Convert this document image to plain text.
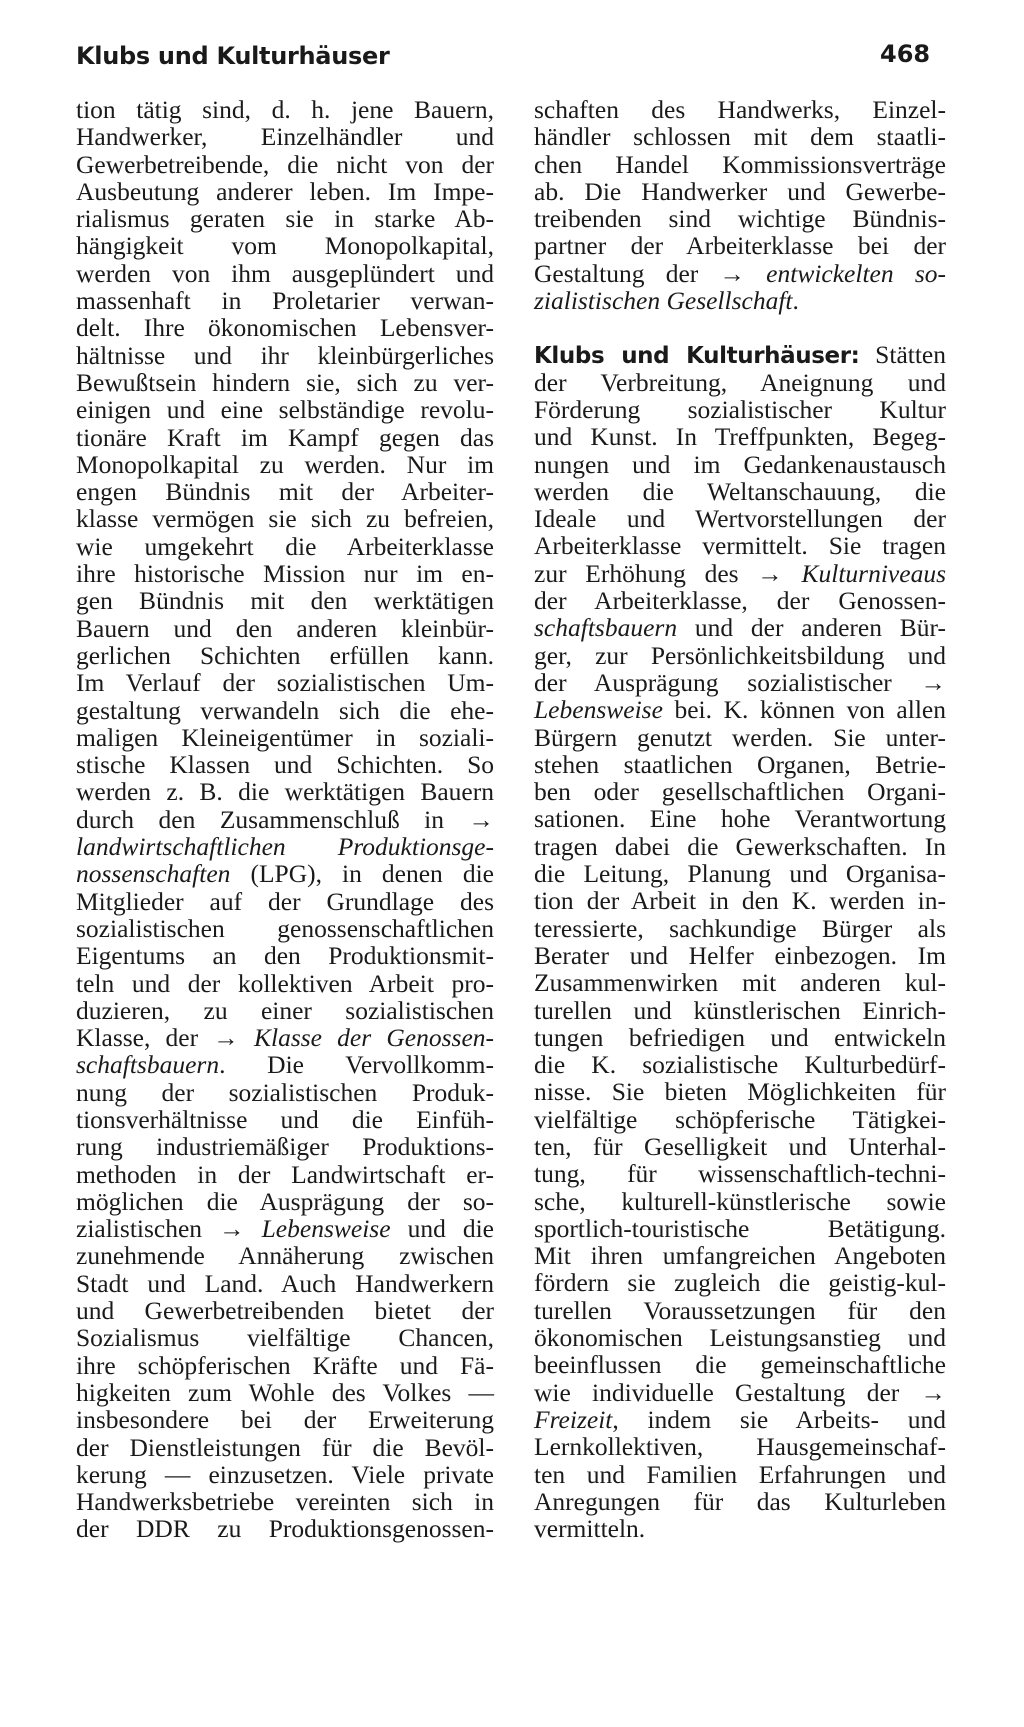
Klubs und Kulturhäuser	468
tion tätig sind, d. h. jene Bauern,
Handwerker, Einzelhändler und
Gewerbetreibende, die nicht von der
Ausbeutung anderer leben. Im Impe-
rialismus geraten sie in starke Ab-
hängigkeit vom Monopolkapital,
werden von ihm ausgeplündert und
massenhaft in Proletarier verwan-
delt. Ihre ökonomischen Lebensver-
hältnisse und ihr kleinbürgerliches
Bewußtsein hindern sie, sich zu ver-
einigen und eine selbständige revolu-
tionäre Kraft im Kampf gegen das
Monopolkapital zu werden. Nur im
engen Bündnis mit der Arbeiter-
klasse vermögen sie sich zu befreien,
wie umgekehrt die Arbeiterklasse
ihre historische Mission nur im en-
gen Bündnis mit den werktätigen
Bauern und den anderen kleinbür-
gerlichen Schichten erfüllen kann.
Im Verlauf der sozialistischen Um-
gestaltung verwandeln sich die ehe-
maligen Kleineigentümer in soziali-
stische Klassen und Schichten. So
werden z. B. die werktätigen Bauern
durch den Zusammenschluß in →
landwirtschaftlichen Produktionsge-
nossenschaften (LPG), in denen die
Mitglieder auf der Grundlage des
sozialistischen genossenschaftlichen
Eigentums an den Produktionsmit-
teln und der kollektiven Arbeit pro-
duzieren, zu einer sozialistischen
Klasse, der → Klasse der Genossen-
schaftsbauern. Die Vervollkomm-
nung der sozialistischen Produk-
tionsverhältnisse und die Einfüh-
rung industriemäßiger Produktions-
methoden in der Landwirtschaft er-
möglichen die Ausprägung der so-
zialistischen → Lebensweise und die
zunehmende Annäherung zwischen
Stadt und Land. Auch Handwerkern
und Gewerbetreibenden bietet der
Sozialismus vielfältige Chancen,
ihre schöpferischen Kräfte und Fä-
higkeiten zum Wohle des Volkes —
insbesondere bei der Erweiterung
der Dienstleistungen für die Bevöl-
kerung — einzusetzen. Viele private
Handwerksbetriebe vereinten sich in
der DDR zu Produktionsgenossen-
schaften des Handwerks, Einzel-
händler schlossen mit dem staatli-
chen Handel Kommissionsverträge
ab. Die Handwerker und Gewerbe-
treibenden sind wichtige Bündnis-
partner der Arbeiterklasse bei der
Gestaltung der → entwickelten so-
zialistischen Gesellschaft.
Klubs und Kulturhäuser: Stätten
der Verbreitung, Aneignung und
Förderung sozialistischer Kultur
und Kunst. In Treffpunkten, Begeg-
nungen und im Gedankenaustausch
werden die Weltanschauung, die
Ideale und Wertvorstellungen der
Arbeiterklasse vermittelt. Sie tragen
zur Erhöhung des → Kulturniveaus
der Arbeiterklasse, der Genossen-
schaftsbauern und der anderen Bür-
ger, zur Persönlichkeitsbildung und
der Ausprägung sozialistischer →
Lebensweise bei. K. können von allen
Bürgern genutzt werden. Sie unter-
stehen staatlichen Organen, Betrie-
ben oder gesellschaftlichen Organi-
sationen. Eine hohe Verantwortung
tragen dabei die Gewerkschaften. In
die Leitung, Planung und Organisa-
tion der Arbeit in den K. werden in-
teressierte, sachkundige Bürger als
Berater und Helfer einbezogen. Im
Zusammenwirken mit anderen kul-
turellen und künstlerischen Einrich-
tungen befriedigen und entwickeln
die K. sozialistische Kulturbedürf-
nisse. Sie bieten Möglichkeiten für
vielfältige schöpferische Tätigkei-
ten, für Geselligkeit und Unterhal-
tung, für wissenschaftlich-techni-
sche, kulturell-künstlerische sowie
sportlich-touristische Betätigung.
Mit ihren umfangreichen Angeboten
fördern sie zugleich die geistig-kul-
turellen Voraussetzungen für den
ökonomischen Leistungsanstieg und
beeinflussen die gemeinschaftliche
wie individuelle Gestaltung der →
Freizeit, indem sie Arbeits- und
Lernkollektiven, Hausgemeinschaf-
ten und Familien Erfahrungen und
Anregungen für das Kulturleben
vermitteln.
